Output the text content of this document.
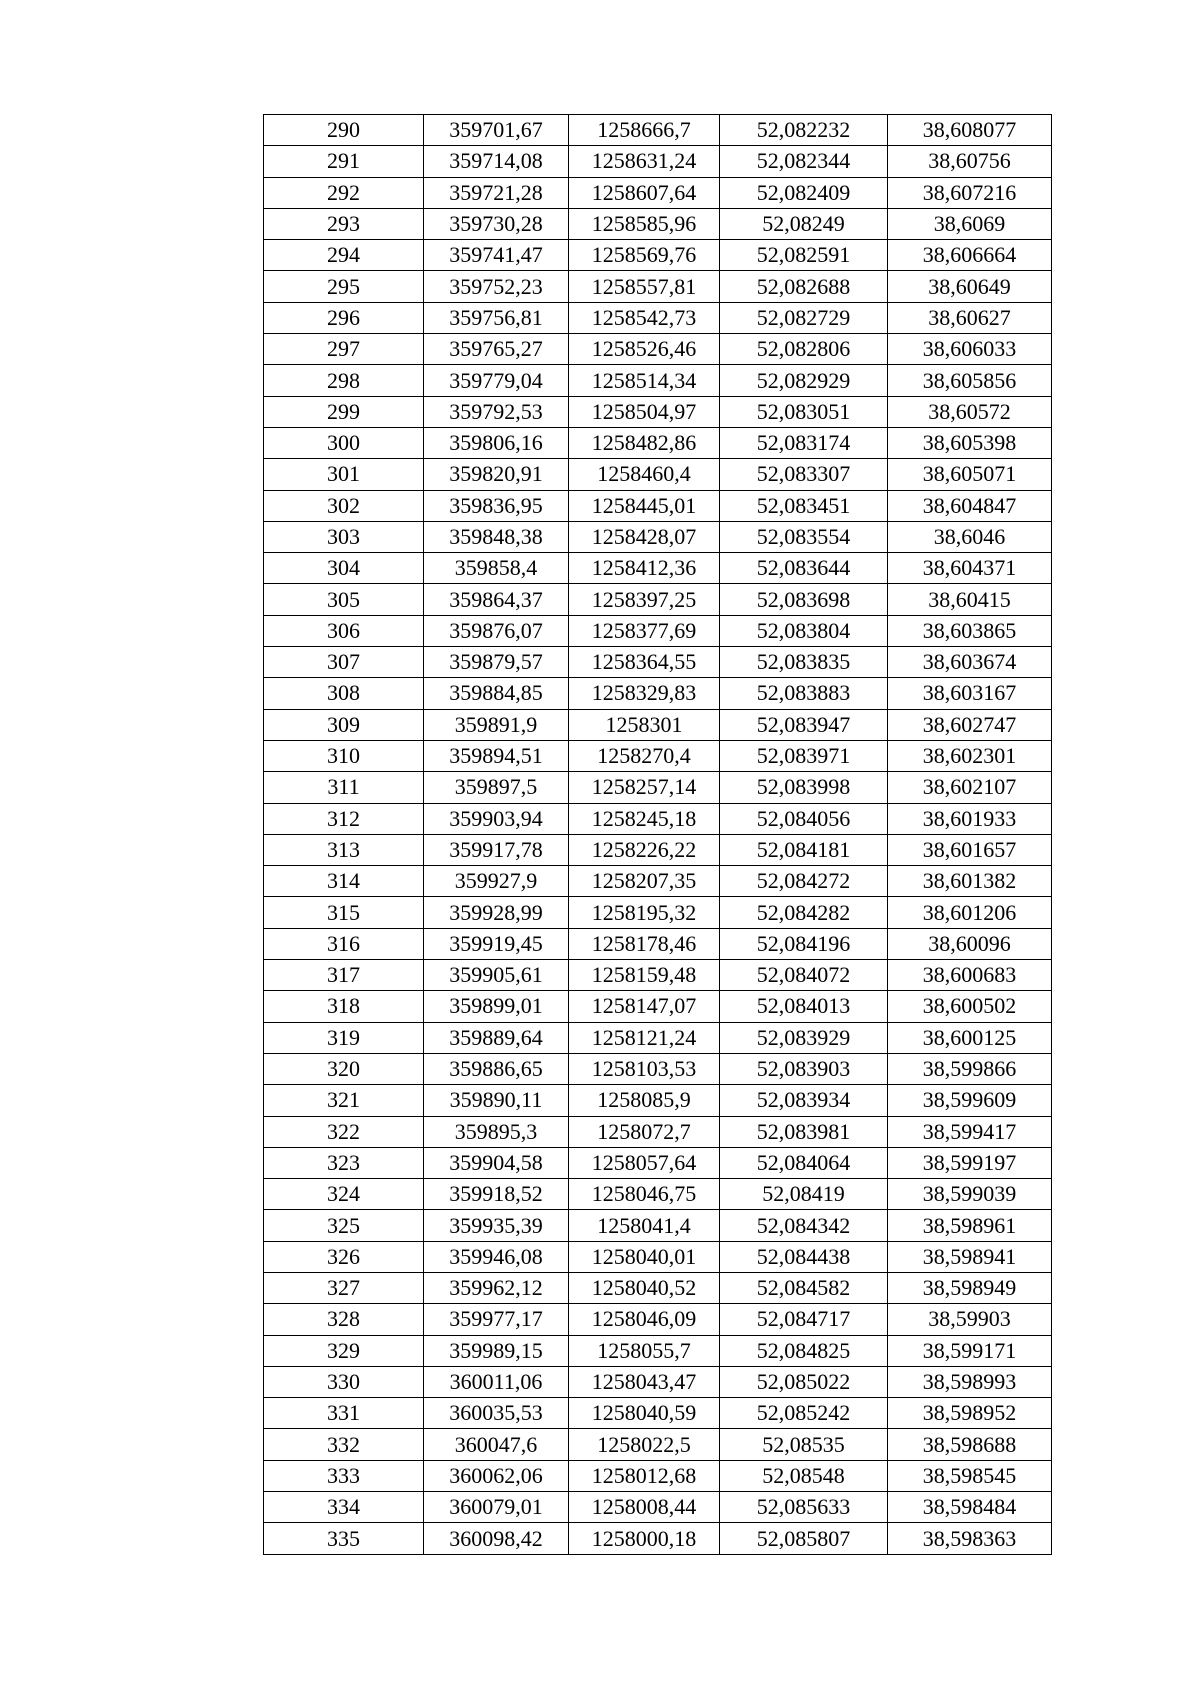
290	359701,67	1258666,7	52,082232	38,608077
291	359714,08	1258631,24	52,082344	38,60756
292	359721,28	1258607,64	52,082409	38,607216
293	359730,28	1258585,96	52,08249	38,6069
294	359741,47	1258569,76	52,082591	38,606664
295	359752,23	1258557,81	52,082688	38,60649
296	359756,81	1258542,73	52,082729	38,60627
297	359765,27	1258526,46	52,082806	38,606033
298	359779,04	1258514,34	52,082929	38,605856
299	359792,53	1258504,97	52,083051	38,60572
300	359806,16	1258482,86	52,083174	38,605398
301	359820,91	1258460,4	52,083307	38,605071
302	359836,95	1258445,01	52,083451	38,604847
303	359848,38	1258428,07	52,083554	38,6046
304	359858,4	1258412,36	52,083644	38,604371
305	359864,37	1258397,25	52,083698	38,60415
306	359876,07	1258377,69	52,083804	38,603865
307	359879,57	1258364,55	52,083835	38,603674
308	359884,85	1258329,83	52,083883	38,603167
309	359891,9	1258301	52,083947	38,602747
310	359894,51	1258270,4	52,083971	38,602301
311	359897,5	1258257,14	52,083998	38,602107
312	359903,94	1258245,18	52,084056	38,601933
313	359917,78	1258226,22	52,084181	38,601657
314	359927,9	1258207,35	52,084272	38,601382
315	359928,99	1258195,32	52,084282	38,601206
316	359919,45	1258178,46	52,084196	38,60096
317	359905,61	1258159,48	52,084072	38,600683
318	359899,01	1258147,07	52,084013	38,600502
319	359889,64	1258121,24	52,083929	38,600125
320	359886,65	1258103,53	52,083903	38,599866
321	359890,11	1258085,9	52,083934	38,599609
322	359895,3	1258072,7	52,083981	38,599417
323	359904,58	1258057,64	52,084064	38,599197
324	359918,52	1258046,75	52,08419	38,599039
325	359935,39	1258041,4	52,084342	38,598961
326	359946,08	1258040,01	52,084438	38,598941
327	359962,12	1258040,52	52,084582	38,598949
328	359977,17	1258046,09	52,084717	38,59903
329	359989,15	1258055,7	52,084825	38,599171
330	360011,06	1258043,47	52,085022	38,598993
331	360035,53	1258040,59	52,085242	38,598952
332	360047,6	1258022,5	52,08535	38,598688
333	360062,06	1258012,68	52,08548	38,598545
334	360079,01	1258008,44	52,085633	38,598484
335	360098,42	1258000,18	52,085807	38,598363
